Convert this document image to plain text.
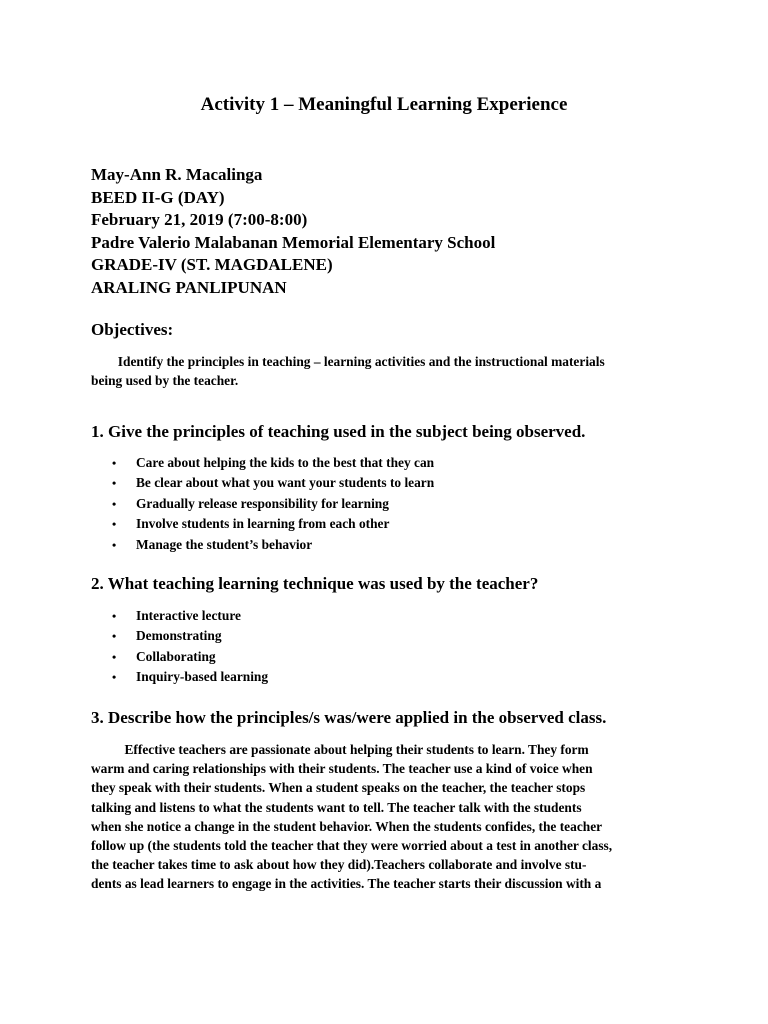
Activity 1 – Meaningful Learning Experience
May-Ann R. Macalinga
BEED II-G (DAY)
February 21, 2019 (7:00-8:00)
Padre Valerio Malabanan Memorial Elementary School
GRADE-IV (ST. MAGDALENE)
ARALING PANLIPUNAN
Objectives:
Identify the principles in teaching – learning activities and the instructional materials
being used by the teacher.
1. Give the principles of teaching used in the subject being observed.
• Care about helping the kids to the best that they can
• Be clear about what you want your students to learn
• Gradually release responsibility for learning
• Involve students in learning from each other
• Manage the student’s behavior
2. What teaching learning technique was used by the teacher?
• Interactive lecture
• Demonstrating
• Collaborating
• Inquiry-based learning
3. Describe how the principles/s was/were applied in the observed class.
Effective teachers are passionate about helping their students to learn. They form
warm and caring relationships with their students. The teacher use a kind of voice when
they speak with their students. When a student speaks on the teacher, the teacher stops
talking and listens to what the students want to tell. The teacher talk with the students
when she notice a change in the student behavior. When the students confides, the teacher
follow up (the students told the teacher that they were worried about a test in another class,
the teacher takes time to ask about how they did).Teachers collaborate and involve stu-
dents as lead learners to engage in the activities. The teacher starts their discussion with a
